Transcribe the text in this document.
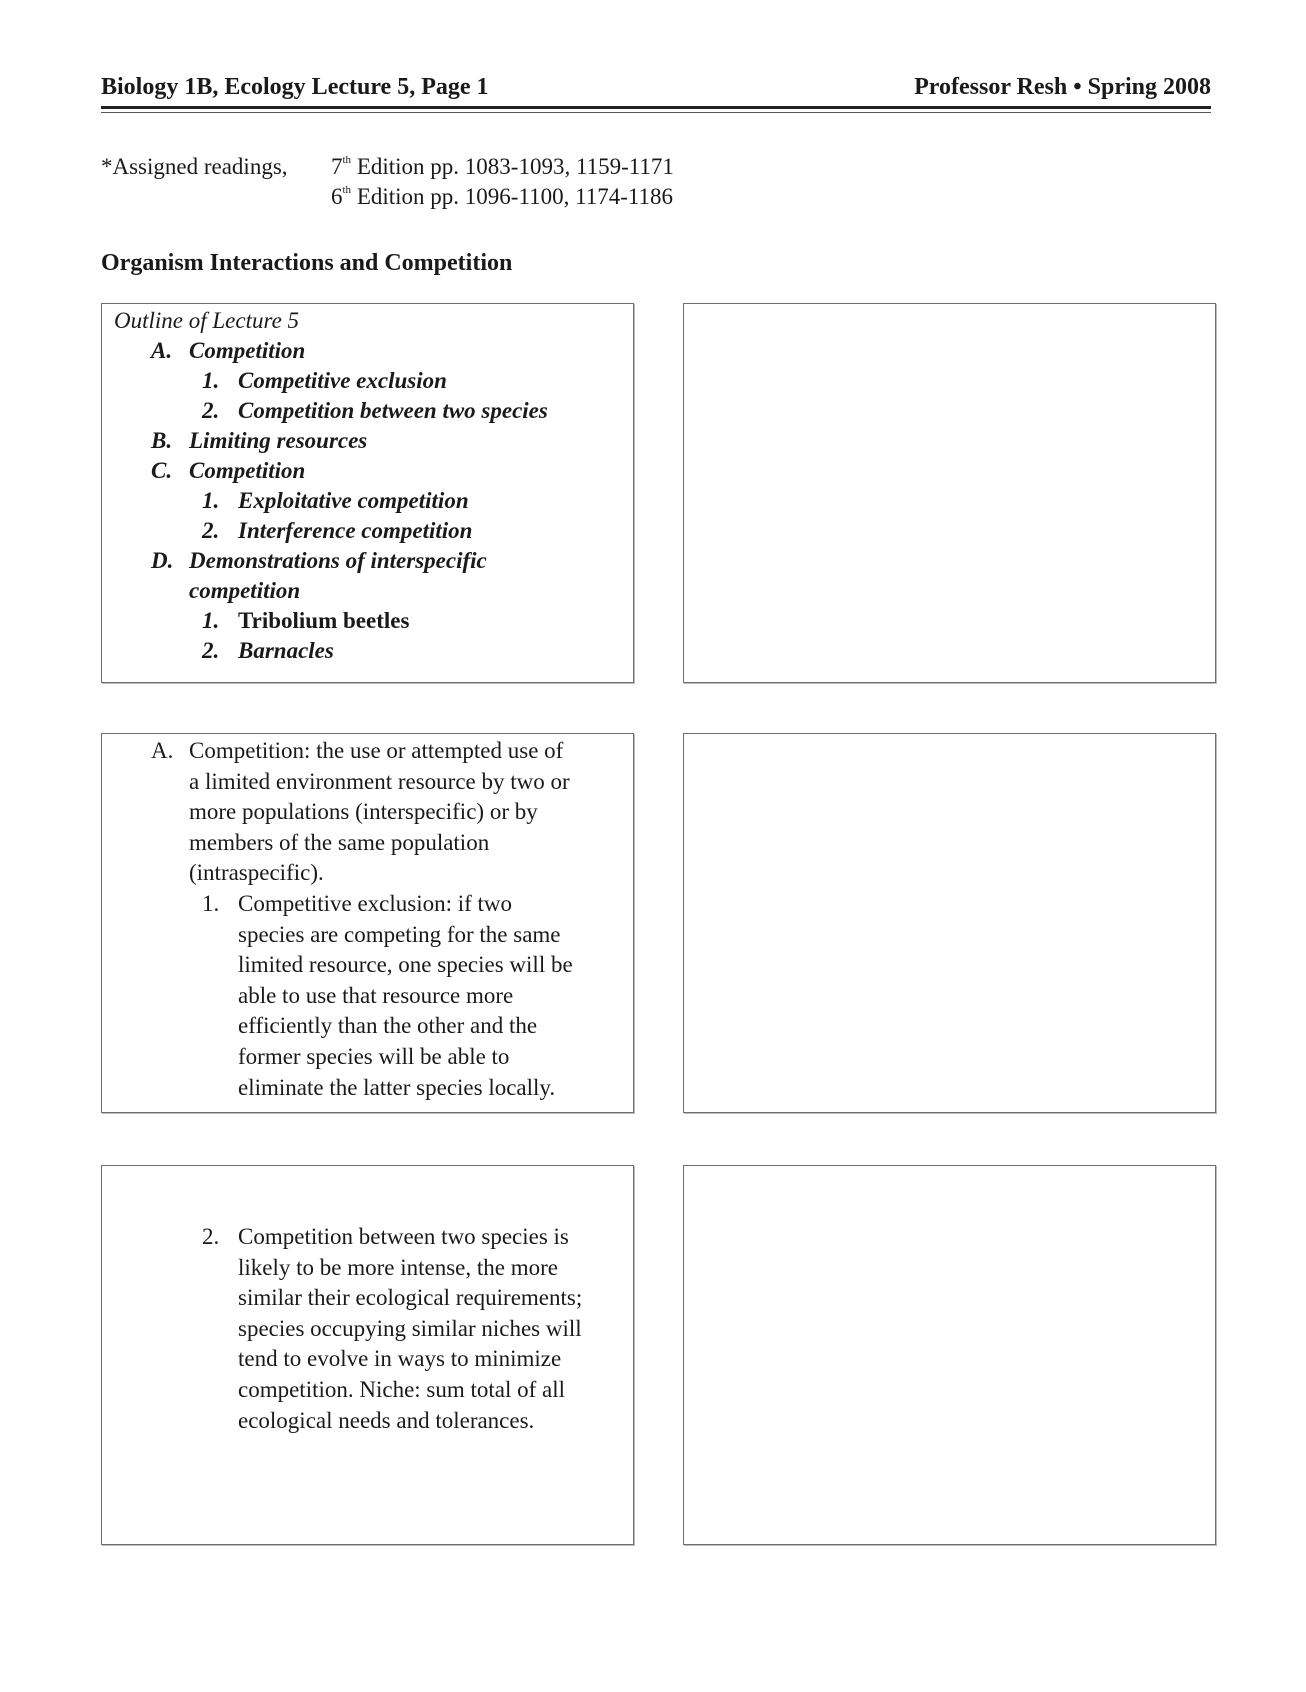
Biology 1B, Ecology Lecture 5, Page 1	Professor Resh • Spring 2008
*Assigned readings,	7th Edition pp. 1083-1093, 1159-1171
6th Edition pp. 1096-1100, 1174-1186
Organism Interactions and Competition
Outline of Lecture 5
A. Competition
1. Competitive exclusion
2. Competition between two species
B. Limiting resources
C. Competition
1. Exploitative competition
2. Interference competition
D. Demonstrations of interspecific
competition
1. Tribolium beetles
2. Barnacles
A. Competition: the use or attempted use of
a limited environment resource by two or
more populations (interspecific) or by
members of the same population
(intraspecific).
1. Competitive exclusion: if two
species are competing for the same
limited resource, one species will be
able to use that resource more
efficiently than the other and the
former species will be able to
eliminate the latter species locally.
2. Competition between two species is
likely to be more intense, the more
similar their ecological requirements;
species occupying similar niches will
tend to evolve in ways to minimize
competition. Niche: sum total of all
ecological needs and tolerances.
